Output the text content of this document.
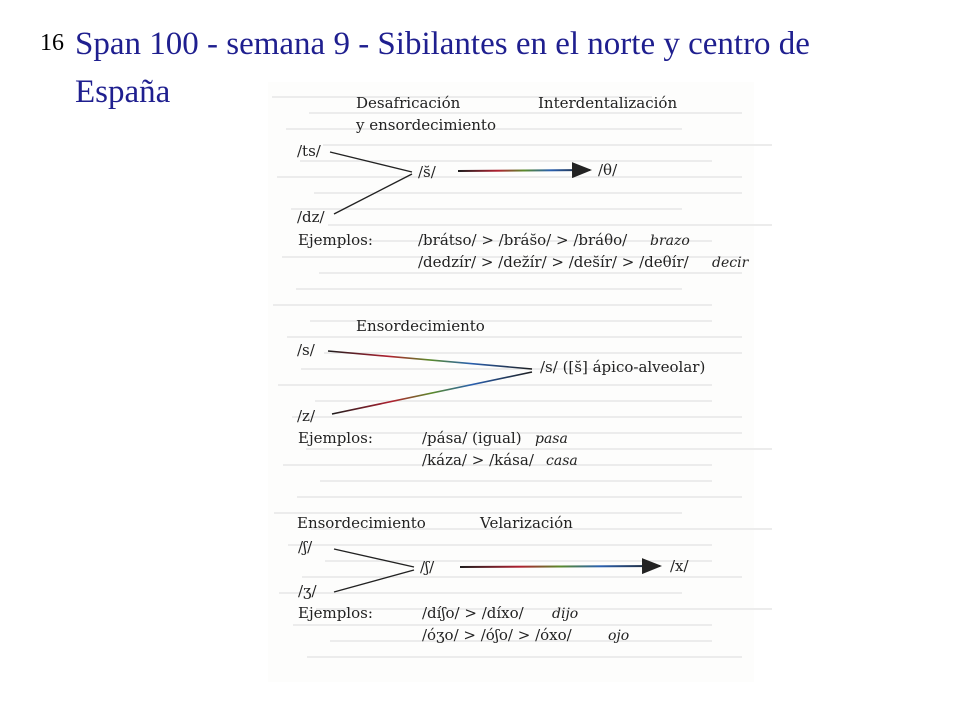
16 Span 100 - semana 9 - Sibilantes en el norte y centro de España	Desafricación
y ensordecimiento
Interdentalización
/ts/
/dz/
/s̆/	/θ/
Ejemplos:	/brátso/ > /brás̆o/ > /bráθo/ brazo
/dedzír/ > /dez̆ír/ > /des̆ír/ > /deθír/ decir
Ensordecimiento
/s/
/z/
/s/ ([s̆] ápico-alveolar)
Ejemplos:	/pása/ (igual) pasa
/káza/ > /kása/ casa
Ensordecimiento	Velarización
/ʃ/
/ʒ/
/ʃ/	/x/
Ejemplos:	/díʃo/ > /díxo/ dijo
/óʒo/ > /óʃo/ > /óxo/	ojo
